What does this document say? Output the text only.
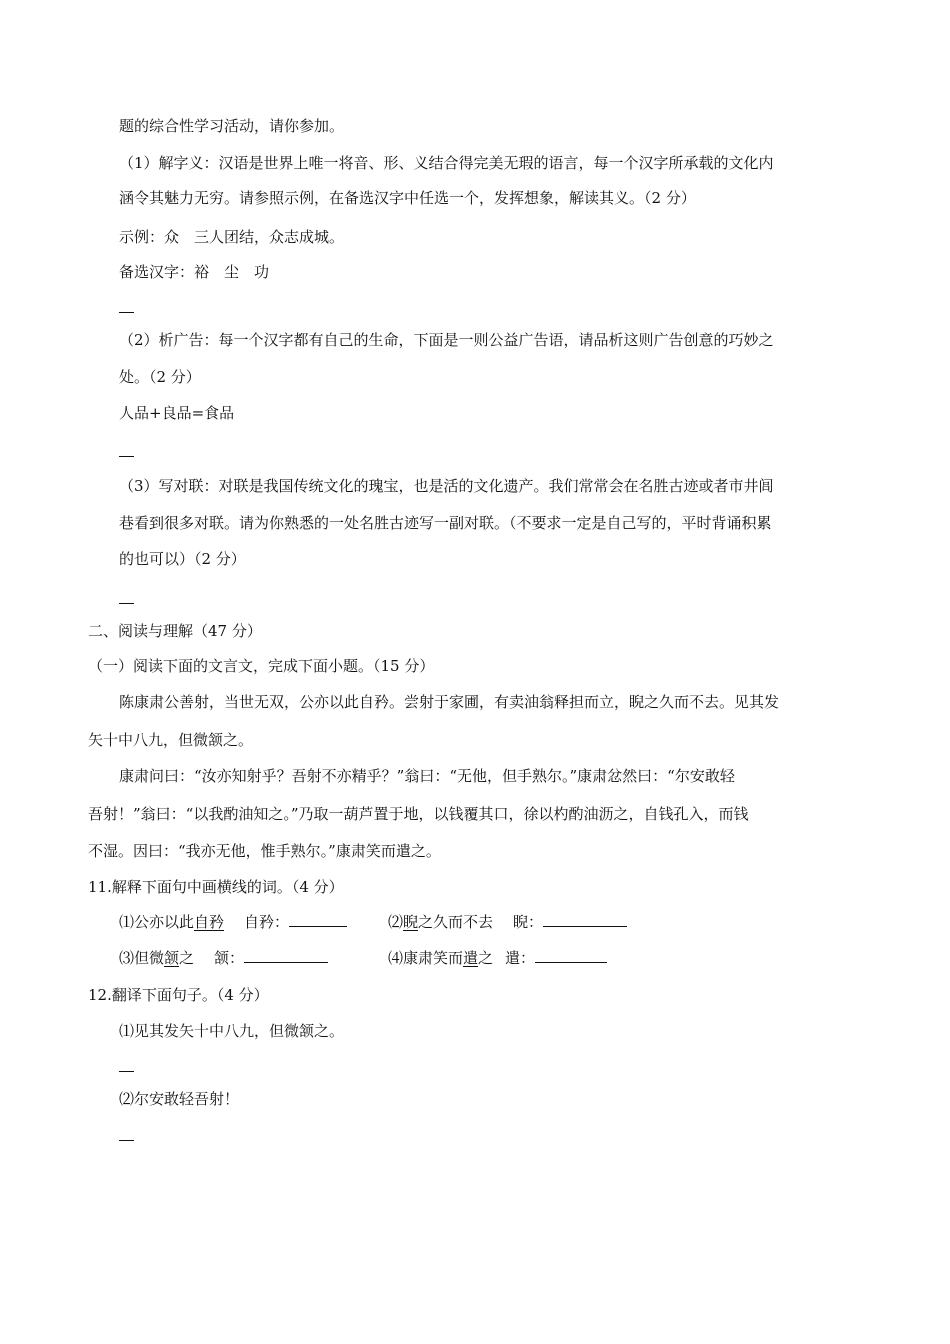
题的综合性学习活动，请你参加。
（1）解字义：汉语是世界上唯一将音、形、义结合得完美无瑕的语言，每一个汉字所承载的文化内
涵令其魅力无穷。请参照示例，在备选汉字中任选一个，发挥想象，解读其义。（2 分）
示例：众　三人团结，众志成城。
备选汉字：裕　尘　功
（2）析广告：每一个汉字都有自己的生命，下面是一则公益广告语，请品析这则广告创意的巧妙之
处。（2 分）
人品+良品=食品
（3）写对联：对联是我国传统文化的瑰宝，也是活的文化遗产。我们常常会在名胜古迹或者市井闾
巷看到很多对联。请为你熟悉的一处名胜古迹写一副对联。（不要求一定是自己写的，平时背诵积累
的也可以）（2 分）
二、阅读与理解（47 分）
（一）阅读下面的文言文，完成下面小题。（15 分）
陈康肃公善射，当世无双，公亦以此自矜。尝射于家圃，有卖油翁释担而立，睨之久而不去。见其发
矢十中八九，但微颔之。
康肃问曰：“汝亦知射乎？吾射不亦精乎？”翁曰：“无他，但手熟尔。”康肃忿然曰：“尔安敢轻
吾射！”翁曰：“以我酌油知之。”乃取一葫芦置于地，以钱覆其口，徐以杓酌油沥之，自钱孔入，而钱
不湿。因曰：“我亦无他，惟手熟尔。”康肃笑而遣之。
11.解释下面句中画横线的词。（4 分）
⑴公亦以此自矜 自矜：	⑵睨之久而不去 睨：
⑶但微颔之 颔：	⑷康肃笑而遣之 遣：
12.翻译下面句子。（4 分）
⑴见其发矢十中八九，但微颔之。
⑵尔安敢轻吾射！
